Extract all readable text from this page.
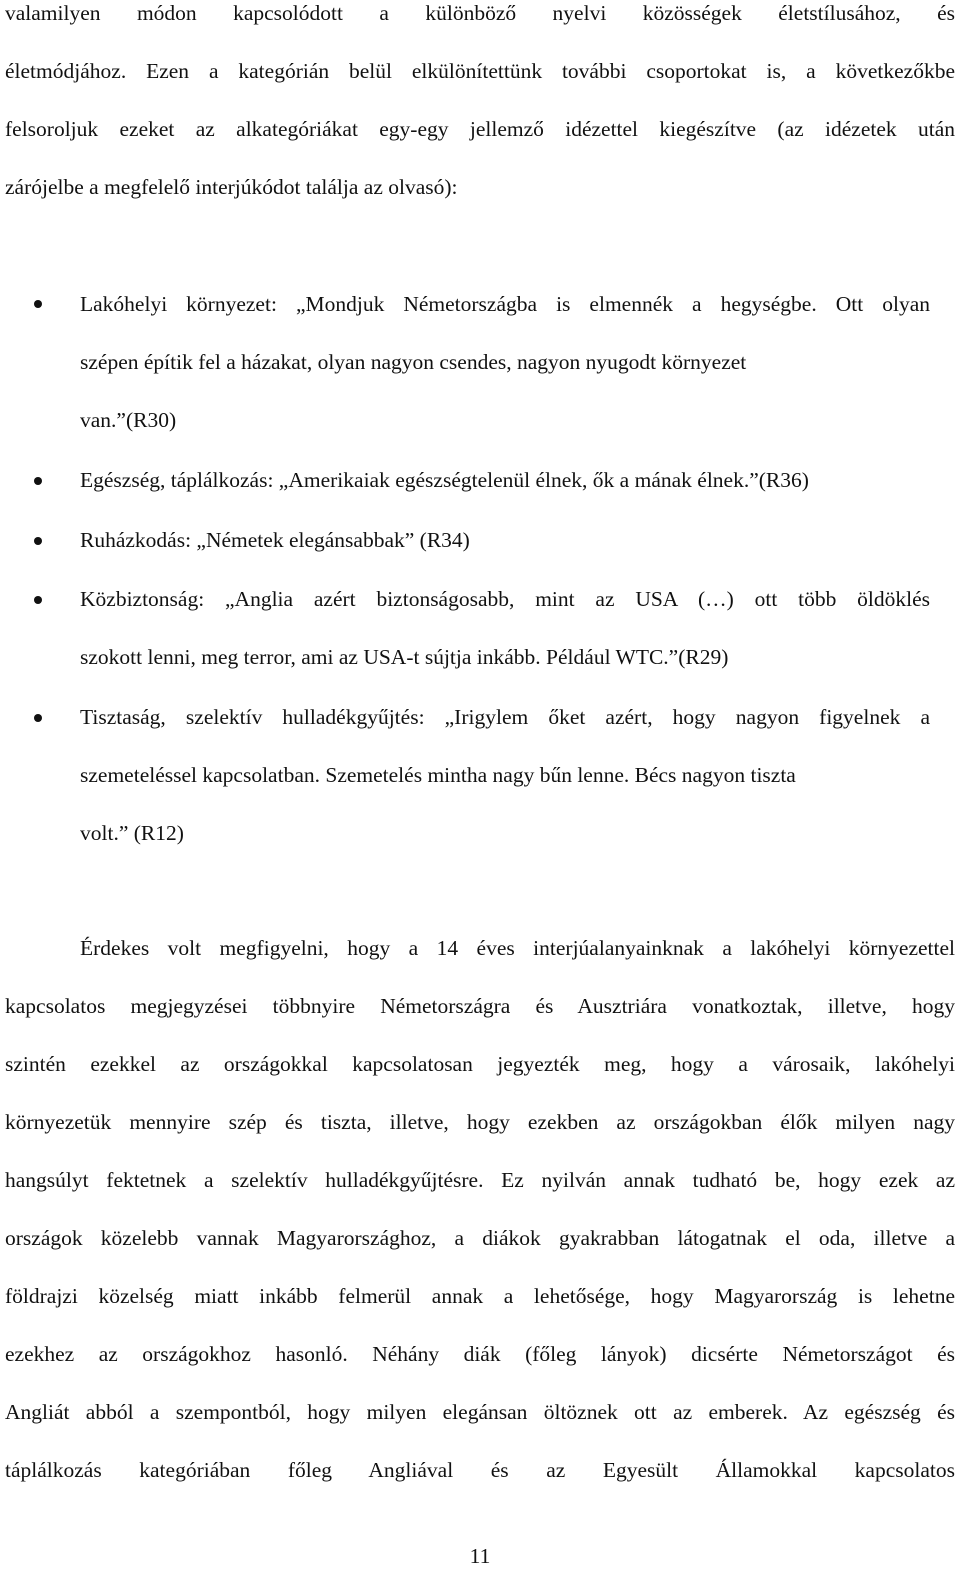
valamilyen módon kapcsolódott a különböző nyelvi közösségek életstílusához, és
életmódjához. Ezen a kategórián belül elkülönítettünk további csoportokat is, a következőkbe
felsoroljuk ezeket az alkategóriákat egy-egy jellemző idézettel kiegészítve (az idézetek után
zárójelbe a megfelelő interjúkódot találja az olvasó):
Lakóhelyi környezet: „Mondjuk Németországba is elmennék a hegységbe. Ott olyan
szépen építik fel a házakat, olyan nagyon csendes, nagyon nyugodt környezet
van.”(R30)
Egészség, táplálkozás: „Amerikaiak egészségtelenül élnek, ők a mának élnek.”(R36)
Ruházkodás: „Németek elegánsabbak” (R34)
Közbiztonság: „Anglia azért biztonságosabb, mint az USA (…) ott több öldöklés
szokott lenni, meg terror, ami az USA-t sújtja inkább. Például WTC.”(R29)
Tisztaság, szelektív hulladékgyűjtés: „Irigylem őket azért, hogy nagyon figyelnek a
szemeteléssel kapcsolatban. Szemetelés mintha nagy bűn lenne. Bécs nagyon tiszta
volt.” (R12)
Érdekes volt megfigyelni, hogy a 14 éves interjúalanyainknak a lakóhelyi környezettel
kapcsolatos megjegyzései többnyire Németországra és Ausztriára vonatkoztak, illetve, hogy
szintén ezekkel az országokkal kapcsolatosan jegyezték meg, hogy a városaik, lakóhelyi
környezetük mennyire szép és tiszta, illetve, hogy ezekben az országokban élők milyen nagy
hangsúlyt fektetnek a szelektív hulladékgyűjtésre. Ez nyilván annak tudható be, hogy ezek az
országok közelebb vannak Magyarországhoz, a diákok gyakrabban látogatnak el oda, illetve a
földrajzi közelség miatt inkább felmerül annak a lehetősége, hogy Magyarország is lehetne
ezekhez az országokhoz hasonló. Néhány diák (főleg lányok) dicsérte Németországot és
Angliát abból a szempontból, hogy milyen elegánsan öltöznek ott az emberek. Az egészség és
táplálkozás kategóriában főleg Angliával és az Egyesült Államokkal kapcsolatos
11
